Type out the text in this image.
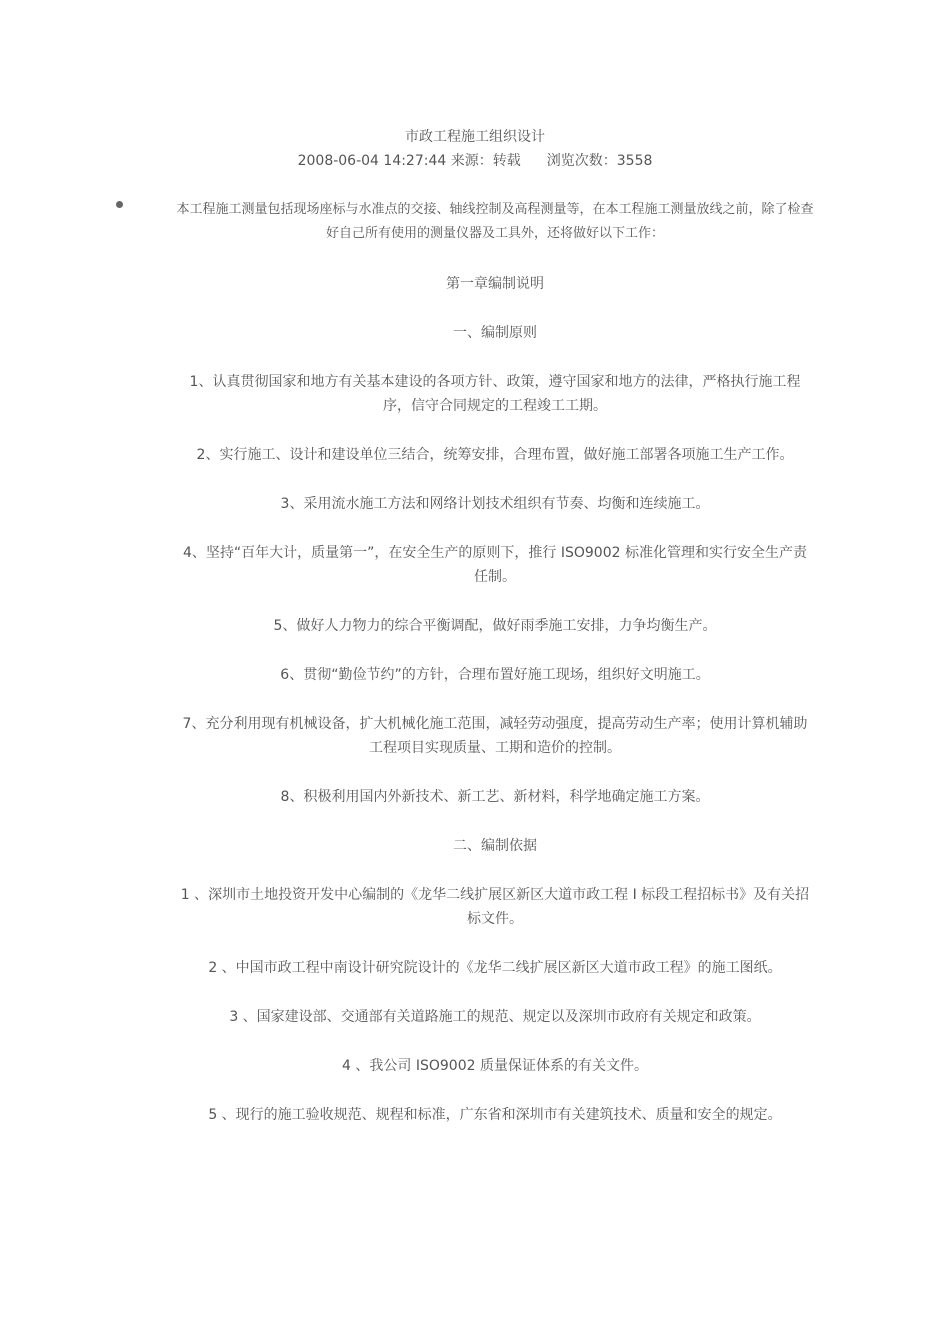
市政工程施工组织设计
2008-06-04 14:27:44 来源：转载 浏览次数：3558

本工程施工测量包括现场座标与水准点的交接、轴线控制及高程测量等，在本工程施工测量放线之前，除了检查好自己所有使用的测量仪器及工具外，还将做好以下工作：

第一章编制说明

一、编制原则

1、认真贯彻国家和地方有关基本建设的各项方针、政策，遵守国家和地方的法律，严格执行施工程序，信守合同规定的工程竣工工期。

2、实行施工、设计和建设单位三结合，统筹安排，合理布置，做好施工部署各项施工生产工作。

3、采用流水施工方法和网络计划技术组织有节奏、均衡和连续施工。

4、坚持“百年大计，质量第一”，在安全生产的原则下，推行 ISO9002 标准化管理和实行安全生产责任制。

5、做好人力物力的综合平衡调配，做好雨季施工安排，力争均衡生产。

6、贯彻“勤俭节约”的方针，合理布置好施工现场，组织好文明施工。

7、充分利用现有机械设备，扩大机械化施工范围，减轻劳动强度，提高劳动生产率；使用计算机辅助工程项目实现质量、工期和造价的控制。

8、积极利用国内外新技术、新工艺、新材料，科学地确定施工方案。

二、编制依据

1 、深圳市土地投资开发中心编制的《龙华二线扩展区新区大道市政工程 I 标段工程招标书》及有关招标文件。

2 、中国市政工程中南设计研究院设计的《龙华二线扩展区新区大道市政工程》的施工图纸。

3 、国家建设部、交通部有关道路施工的规范、规定以及深圳市政府有关规定和政策。

4 、我公司 ISO9002 质量保证体系的有关文件。

5 、现行的施工验收规范、规程和标准，广东省和深圳市有关建筑技术、质量和安全的规定。
